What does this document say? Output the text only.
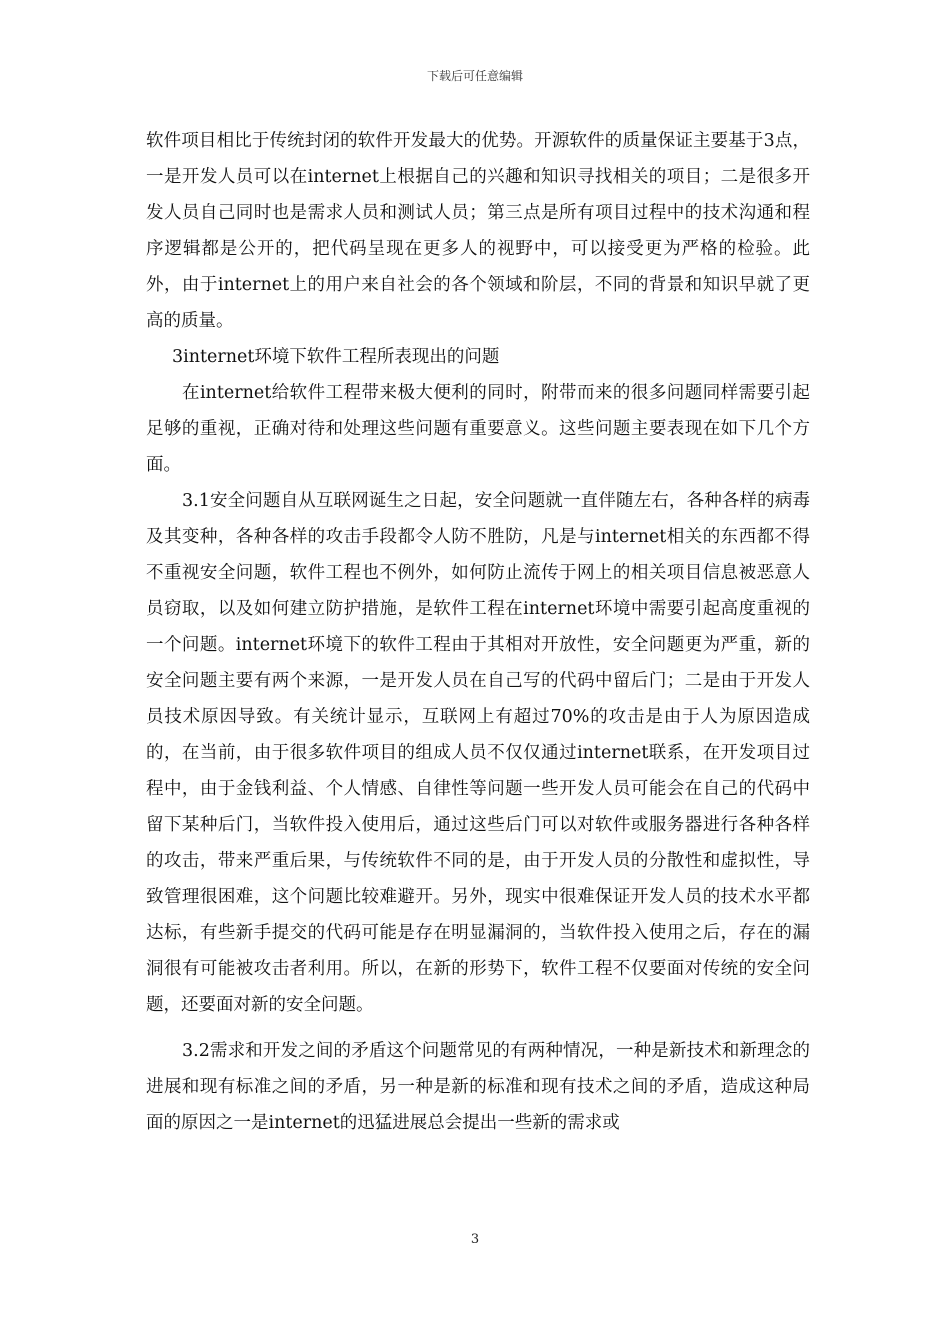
下载后可任意编辑

软件项目相比于传统封闭的软件开发最大的优势。开源软件的质量保证主要基于3点，一是开发人员可以在internet上根据自己的兴趣和知识寻找相关的项目；二是很多开发人员自己同时也是需求人员和测试人员；第三点是所有项目过程中的技术沟通和程序逻辑都是公开的，把代码呈现在更多人的视野中，可以接受更为严格的检验。此外，由于internet上的用户来自社会的各个领域和阶层，不同的背景和知识早就了更高的质量。

3internet环境下软件工程所表现出的问题

在internet给软件工程带来极大便利的同时，附带而来的很多问题同样需要引起足够的重视，正确对待和处理这些问题有重要意义。这些问题主要表现在如下几个方面。

3.1安全问题自从互联网诞生之日起，安全问题就一直伴随左右，各种各样的病毒及其变种，各种各样的攻击手段都令人防不胜防，凡是与internet相关的东西都不得不重视安全问题，软件工程也不例外，如何防止流传于网上的相关项目信息被恶意人员窃取，以及如何建立防护措施，是软件工程在internet环境中需要引起高度重视的一个问题。internet环境下的软件工程由于其相对开放性，安全问题更为严重，新的安全问题主要有两个来源，一是开发人员在自己写的代码中留后门；二是由于开发人员技术原因导致。有关统计显示，互联网上有超过70%的攻击是由于人为原因造成的，在当前，由于很多软件项目的组成人员不仅仅通过internet联系，在开发项目过程中，由于金钱利益、个人情感、自律性等问题一些开发人员可能会在自己的代码中留下某种后门，当软件投入使用后，通过这些后门可以对软件或服务器进行各种各样的攻击，带来严重后果，与传统软件不同的是，由于开发人员的分散性和虚拟性，导致管理很困难，这个问题比较难避开。另外，现实中很难保证开发人员的技术水平都达标，有些新手提交的代码可能是存在明显漏洞的，当软件投入使用之后，存在的漏洞很有可能被攻击者利用。所以，在新的形势下，软件工程不仅要面对传统的安全问题，还要面对新的安全问题。

3.2需求和开发之间的矛盾这个问题常见的有两种情况，一种是新技术和新理念的进展和现有标准之间的矛盾，另一种是新的标准和现有技术之间的矛盾，造成这种局面的原因之一是internet的迅猛进展总会提出一些新的需求或

3
